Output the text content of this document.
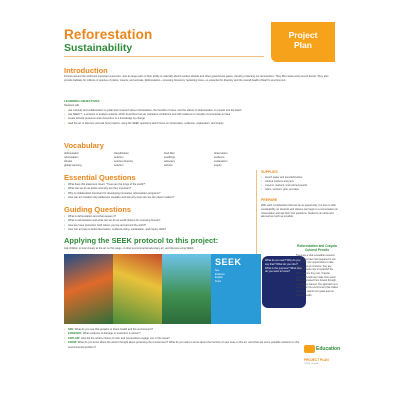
Reforestation
Sustainability
Project
Plan
Introduction
Forests around the world are important resources. Just as large parts of their ability to naturally absorb carbon dioxide and other greenhouse gases, thereby protecting our atmosphere. They filter water and prevent floods. They also provide habitats for millions of species of plants, insects, and animals. Reforestation—renewing forests by replanting trees—is essential for diversity and the overall health of Earth's environment.
LEARNING OBJECTIVES
Students will:
• use curiosity and collaboration to guide their research about reforestation, the benefits of trees, and the effects of deforestation on people and the Earth
• use SEEK™, a protocol to analyze artwork, which describes how art maintains confidence and with evidence to visually communicate an idea
• create artwork presence and connection to a knowledge by change
• read the art to discover and ask how projects, using the SEEK questions which focus on observation, evidence, explanation, and inquiry
Vocabulary
deforestation	classification	food fiber	observation
reforestation	activism	seedlings	evidence
climate	species diversity	advocacy	explanation
global warming	activism	artivism	inquiry
Essential Questions
• What does this statement mean: "Trees are the lungs of the world?"
• What can we do as artists and why are they important?
• Why is collaboration important for developing innovative reforestation programs?
• How can art-creation help audiences visualize and ask why trees are are the planet matters?
Guiding Questions
• What is deforestation and what causes it?
• What is reforestation and what can we do as world citizens for renewing forests?
• How are trees protected, both where you live and around the world?
• How can art help to build observation, evidence-citing, explanation, and inquiry skills?
SUPPLIES
• sketch paper and pencils/brushes
• colored markers and pens
• crayons, markers, and colored pencils
• rulers, scissors, glue, and tape
PREPARE
With each consideration that can be an opportunity, it is time to offer sustainability, as students and classes can begin to a conversation on reforestation and ask their own questions. Students can draw and ask leaf as much as possible.
Applying the SEEK protocol to this project:
Ask children to look closely at the art on this page, or other environmental advocacy art, and discuss using SEEK.
SEEK
See
Evidence
Explain
Know
What do you see? Why do you say that? What do you infer? What is the purpose? What else do you want to know?
Reforestation and Crayola Colored Pencils
Trees are a vital renewable resource. Many trees have had prepared to use every day. Our opportunities to take and not just to consume; they are making forests use to replenish the forests where they can. Crayola Colored Pencils are made from wood that is reforested from forests through sustainable harvest. Our approach is to look out for the environment that makes trees that support our goals and our planet's health.
• SEE: What do you see that pertains to forest health and the environment?
• EVIDENCE: What evidence of damage or protection is shown?
• EXPLAIN: How did the artist's choice of color and composition engage you in this issue?
• KNOW: What do you know about the artist's thought about protecting the environment? What do you want to know about the function of new trees in this art, and what are some possible solutions to this environmental problem?	Education
PROJECT PLAN
©2021 Crayola
